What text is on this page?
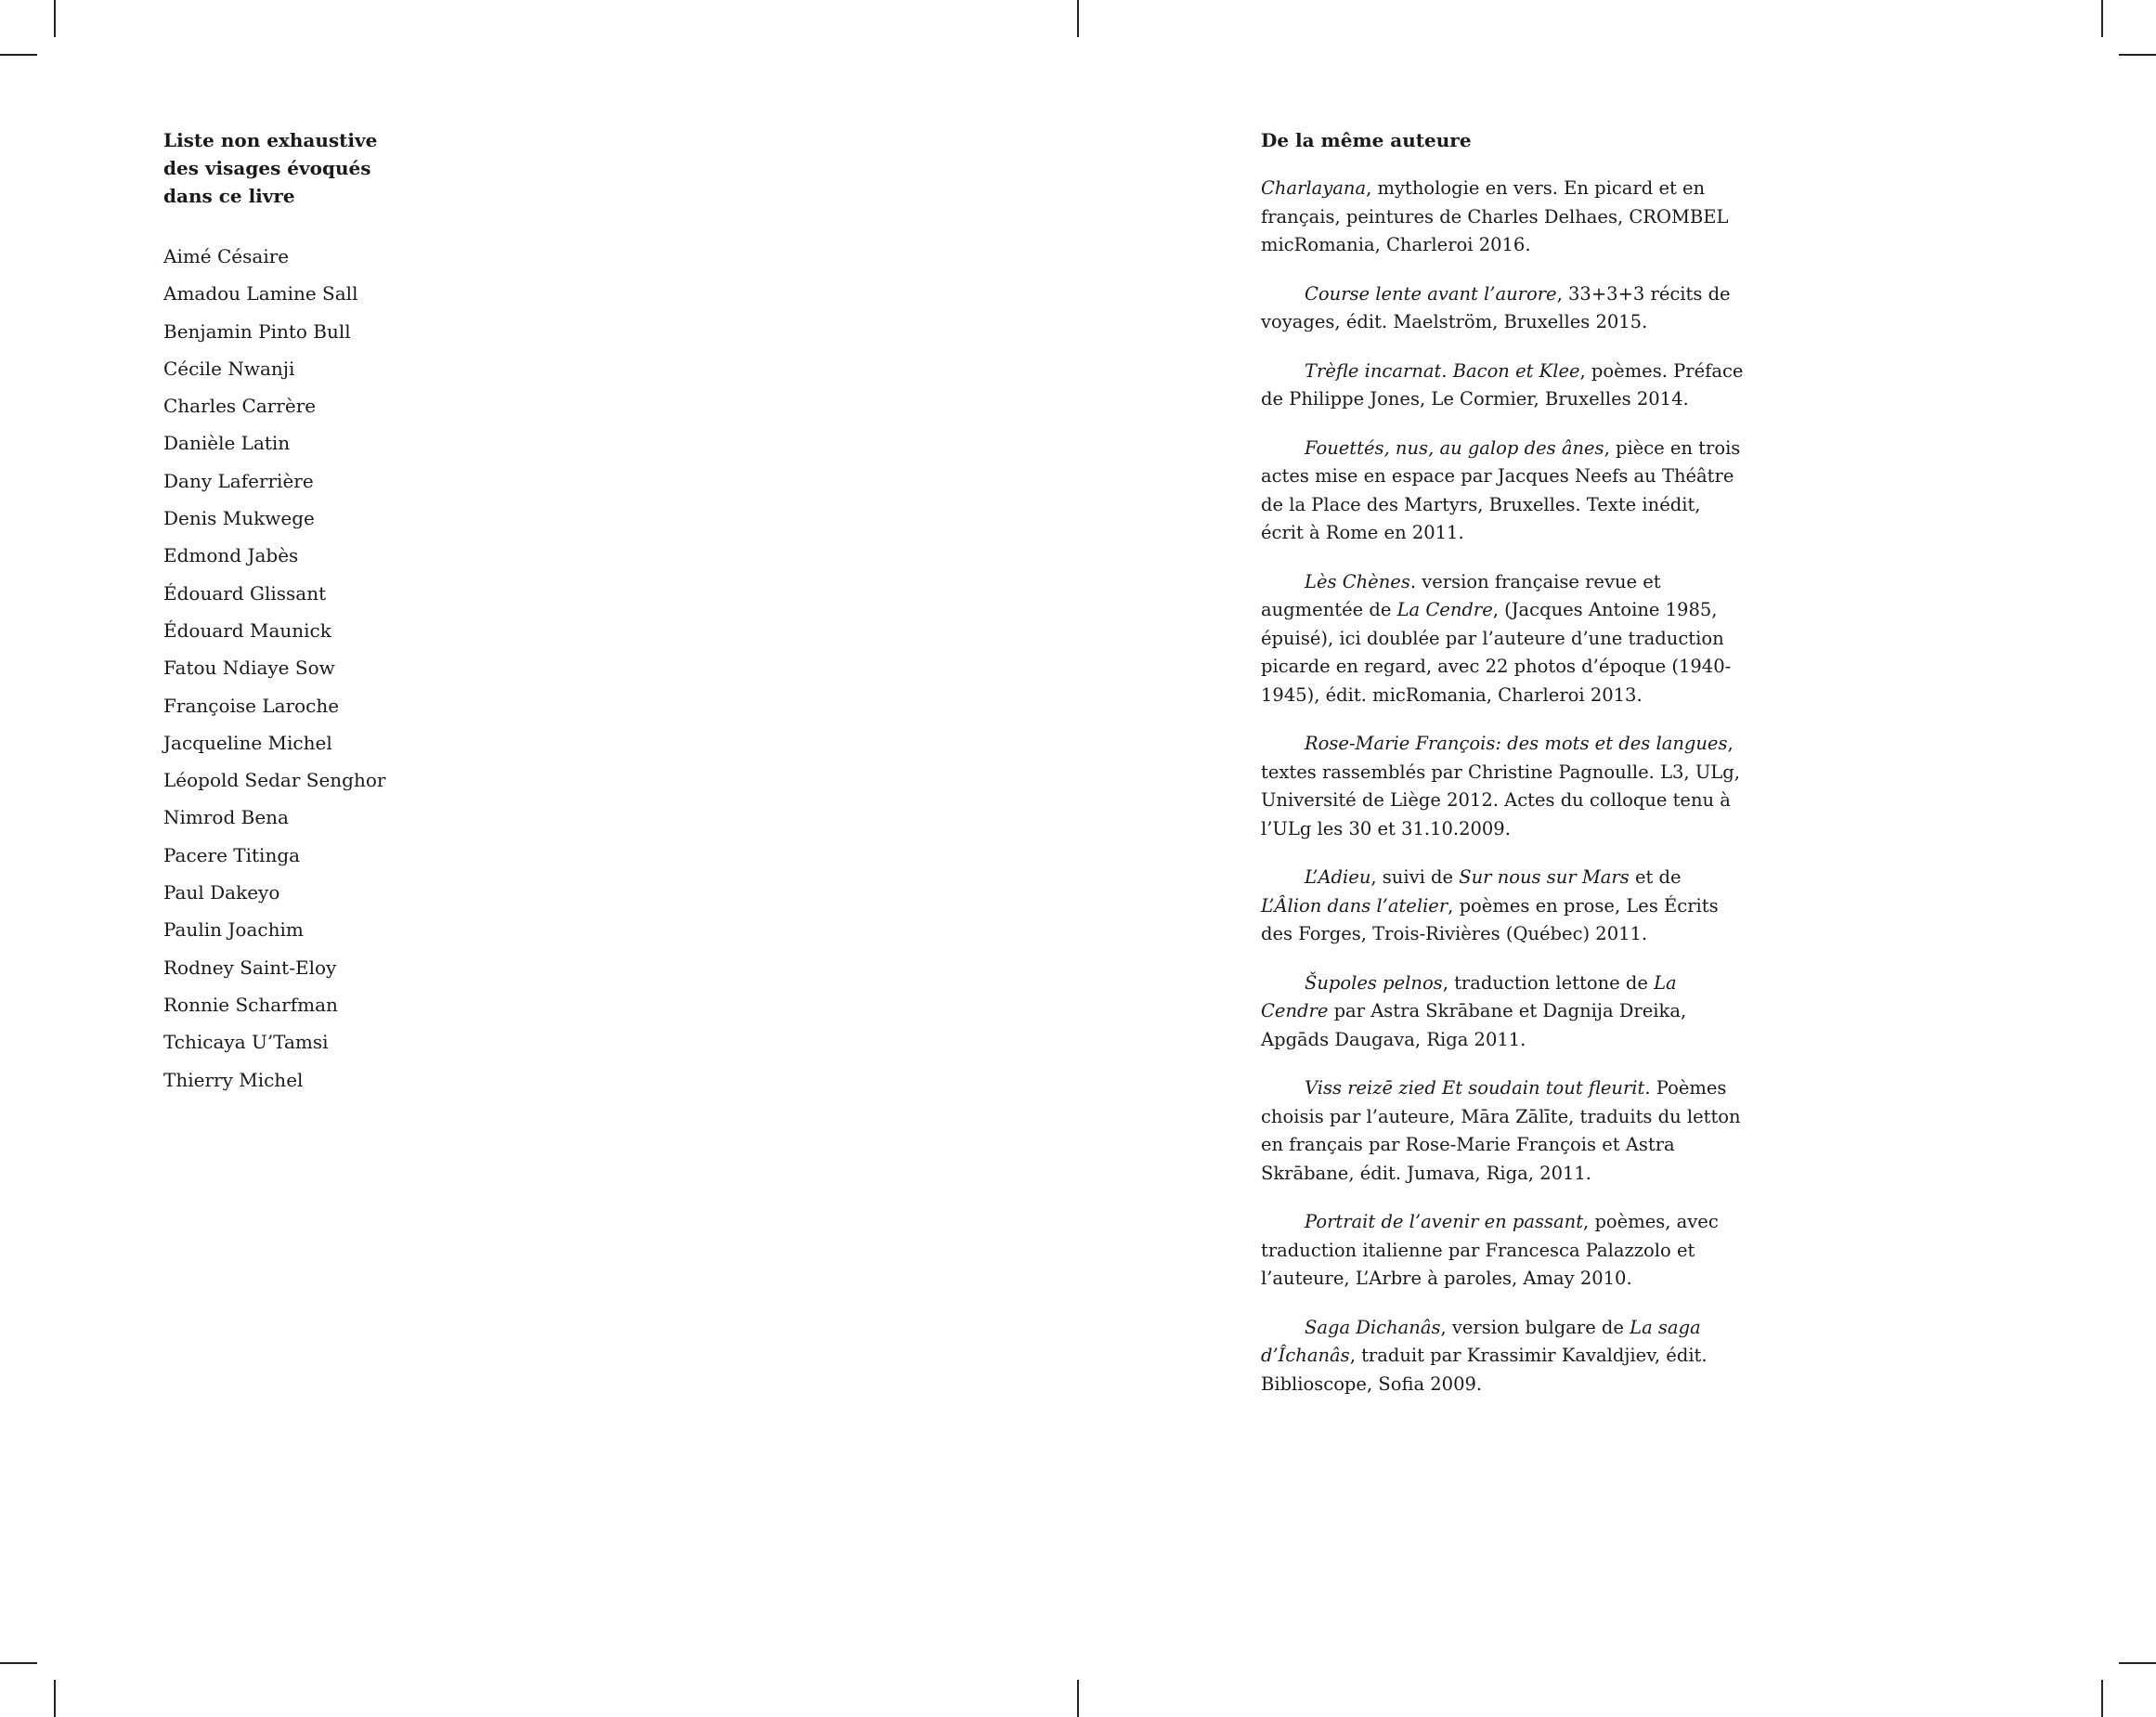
Liste non exhaustive
des visages évoqués
dans ce livre
Aimé Césaire
Amadou Lamine Sall
Benjamin Pinto Bull
Cécile Nwanji
Charles Carrère
Danièle Latin
Dany Laferrière
Denis Mukwege
Edmond Jabès
Édouard Glissant
Édouard Maunick
Fatou Ndiaye Sow
Françoise Laroche
Jacqueline Michel
Léopold Sedar Senghor
Nimrod Bena
Pacere Titinga
Paul Dakeyo
Paulin Joachim
Rodney Saint-Eloy
Ronnie Scharfman
Tchicaya U’Tamsi
Thierry Michel
De la même auteure

Charlayana, mythologie en vers. En picard et en français, peintures de Charles Delhaes, CROMBEL micRomania, Charleroi 2016.

Course lente avant l’aurore, 33+3+3 récits de voyages, édit. Maelström, Bruxelles 2015.

Trèfle incarnat. Bacon et Klee, poèmes. Préface de Philippe Jones, Le Cormier, Bruxelles 2014.

Fouettés, nus, au galop des ânes, pièce en trois actes mise en espace par Jacques Neefs au Théâtre de la Place des Martyrs, Bruxelles. Texte inédit, écrit à Rome en 2011.

Lès Chènes. version française revue et augmentée de La Cendre, (Jacques Antoine 1985, épuisé), ici doublée par l’auteure d’une traduction picarde en regard, avec 22 photos d’époque (1940-1945), édit. micRomania, Charleroi 2013.

Rose-Marie François: des mots et des langues, textes rassemblés par Christine Pagnoulle. L3, ULg, Université de Liège 2012. Actes du colloque tenu à l’ULg les 30 et 31.10.2009.

L’Adieu, suivi de Sur nous sur Mars et de L’Âlion dans l’atelier, poèmes en prose, Les Écrits des Forges, Trois-Rivières (Québec) 2011.

Šupoles pelnos, traduction lettone de La Cendre par Astra Skrābane et Dagnija Dreika, Apgāds Daugava, Riga 2011.

Viss reizē zied Et soudain tout fleurit. Poèmes choisis par l’auteure, Māra Zālīte, traduits du letton en français par Rose-Marie François et Astra Skrābane, édit. Jumava, Riga, 2011.

Portrait de l’avenir en passant, poèmes, avec traduction italienne par Francesca Palazzolo et l’auteure, L’Arbre à paroles, Amay 2010.

Saga Dichanâs, version bulgare de La saga d’Îchanâs, traduit par Krassimir Kavaldjiev, édit. Biblioscope, Sofia 2009.
